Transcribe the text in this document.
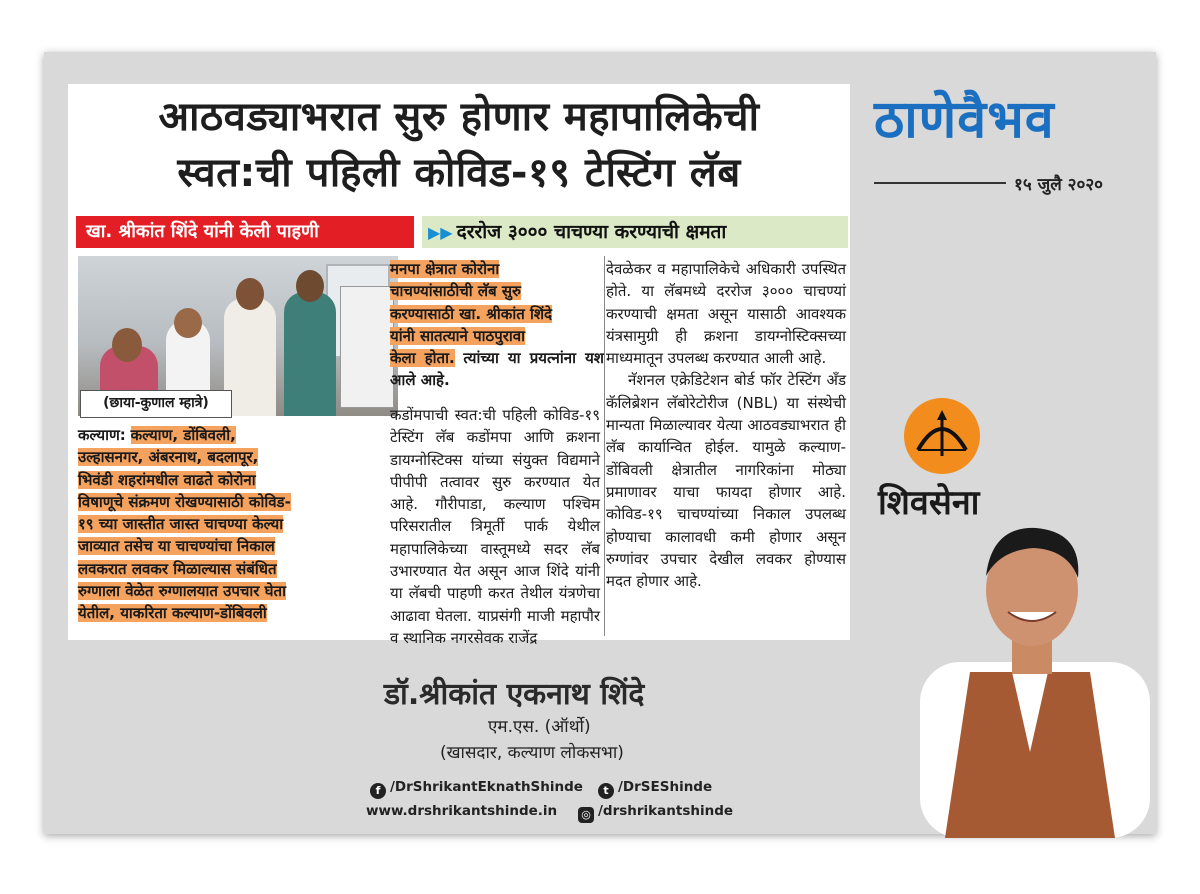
आठवड्याभरात सुरु होणार महापालिकेची
स्वत:ची पहिली कोविड-१९ टेस्टिंग लॅब
खा. श्रीकांत शिंदे यांनी केली पाहणी	▶▶ दररोज ३००० चाचण्या करण्याची क्षमता
(छाया-कुणाल म्हात्रे)

मनपा क्षेत्रात कोरोना

चाचण्यांसाठीची लॅब सुरु

करण्यासाठी खा. श्रीकांत शिंदे

यांनी सातत्याने पाठपुरावा

केला होता. त्यांच्या या प्रयत्नांना यश आले आहे.

कल्याण: कल्याण, डोंबिवली,

उल्हासनगर, अंबरनाथ, बदलापूर,

भिवंडी शहरांमधील वाढते कोरोना

विषाणूचे संक्रमण रोखण्यासाठी कोविड-

१९ च्या जास्तीत जास्त चाचण्या केल्या

जाव्यात तसेच या चाचण्यांचा निकाल

लवकरात लवकर मिळाल्यास संबंधित

रुग्णाला वेळेत रुग्णालयात उपचार घेता

येतील, याकरिता कल्याण-डोंबिवली

कडोंमपाची स्वत:ची पहिली कोविड-१९ टेस्टिंग लॅब कडोंमपा आणि क्रशना डायग्नोस्टिक्स यांच्या संयुक्त विद्यमाने पीपीपी तत्वावर सुरु करण्यात येत आहे. गौरीपाडा, कल्याण पश्चिम परिसरातील त्रिमूर्ती पार्क येथील महापालिकेच्या वास्तूमध्ये सदर लॅब उभारण्यात येत असून आज शिंदे यांनी या लॅबची पाहणी करत तेथील यंत्रणेचा आढावा घेतला. याप्रसंगी माजी महापौर व स्थानिक नगरसेवक राजेंद्र

देवळेकर व महापालिकेचे अधिकारी उपस्थित होते. या लॅबमध्ये दररोज ३००० चाचण्यां करण्याची क्षमता असून यासाठी आवश्यक यंत्रसामुग्री ही क्रशना डायग्नोस्टिक्सच्या माध्यमातून उपलब्ध करण्यात आली आहे.

नॅशनल एक्रेडिटेशन बोर्ड फॉर टेस्टिंग अँड कॅलिब्रेशन लॅबोरेटोरीज (NBL) या संस्थेची मान्यता मिळाल्यावर येत्या आठवड्याभरात ही लॅब कार्यान्वित होईल. यामुळे कल्याण-डोंबिवली क्षेत्रातील नागरिकांना मोठ्या प्रमाणावर याचा फायदा होणार आहे. कोविड-१९ चाचण्यांच्या निकाल उपलब्ध होण्याचा कालावधी कमी होणार असून रुग्णांवर उपचार देखील लवकर होण्यास मदत होणार आहे.

ठाणेवैभव
१५ जुलै २०२०
शिवसेना
डॉ.श्रीकांत एकनाथ शिंदे
एम.एस. (ऑर्थो)
(खासदार, कल्याण लोकसभा)
f /DrShrikantEknathShinde	t /DrSEShinde
www.drshrikantshinde.in ◎ /drshrikantshinde
